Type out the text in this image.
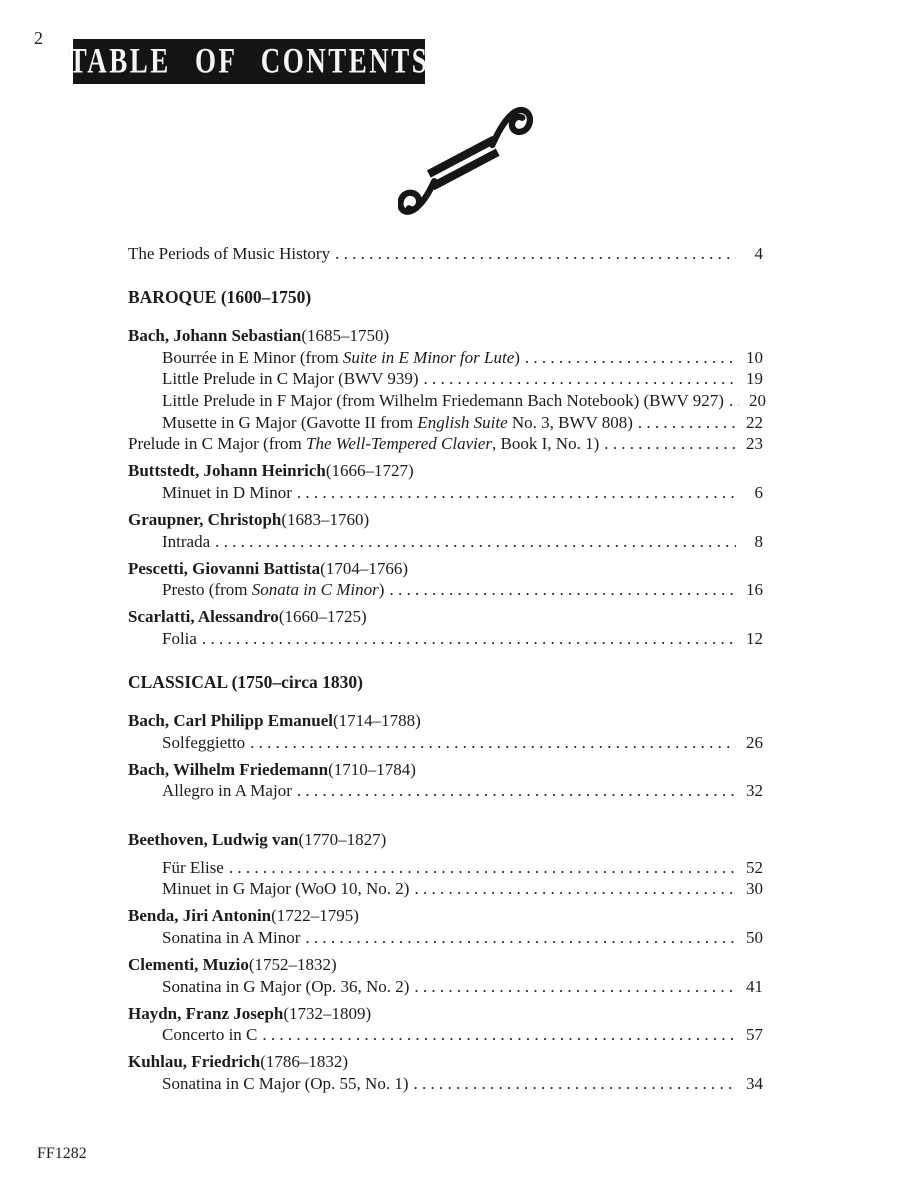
2
TABLE OF CONTENTS
The Periods of Music History . . .	4
BAROQUE (1600–1750)
Bach, Johann Sebastian (1685–1750)
Bourrée in E Minor (from Suite in E Minor for Lute) . . .	10
Little Prelude in C Major (BWV 939) . . .	19
Little Prelude in F Major (from Wilhelm Friedemann Bach Notebook) (BWV 927) . . .	20
Musette in G Major (Gavotte II from English Suite No. 3, BWV 808) . . .	22
Prelude in C Major (from The Well-Tempered Clavier, Book I, No. 1) . . .	23
Buttstedt, Johann Heinrich (1666–1727)
Minuet in D Minor . . .	6
Graupner, Christoph (1683–1760)
Intrada . . .	8
Pescetti, Giovanni Battista (1704–1766)
Presto (from Sonata in C Minor) . . .	16
Scarlatti, Alessandro (1660–1725)
Folia . . .	12
CLASSICAL (1750–circa 1830)
Bach, Carl Philipp Emanuel (1714–1788)
Solfeggietto . . .	26
Bach, Wilhelm Friedemann (1710–1784)
Allegro in A Major . . .	32
Beethoven, Ludwig van (1770–1827)
Für Elise . . .	52
Minuet in G Major (WoO 10, No. 2) . . .	30
Benda, Jiri Antonin (1722–1795)
Sonatina in A Minor . . .	50
Clementi, Muzio (1752–1832)
Sonatina in G Major (Op. 36, No. 2) . . .	41
Haydn, Franz Joseph (1732–1809)
Concerto in C . . .	57
Kuhlau, Friedrich (1786–1832)
Sonatina in C Major (Op. 55, No. 1) . . .	34
FF1282
